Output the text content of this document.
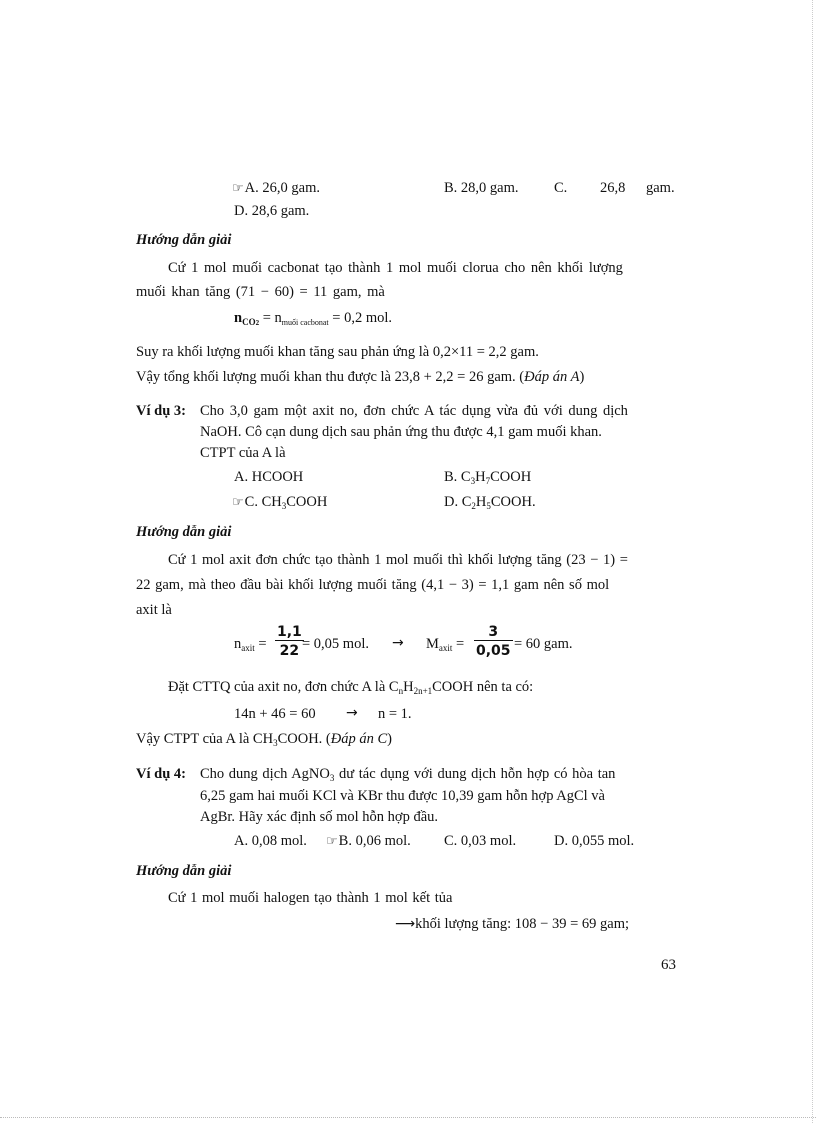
☞A. 26,0 gam.	B. 28,0 gam. C. 26,8 gam.
D. 28,6 gam.
Hướng dẫn giải
Cứ 1 mol muối cacbonat tạo thành 1 mol muối clorua cho nên khối lượng
muối khan tăng (71 − 60) = 11 gam, mà
$n_{CO2} = n_{muối cacbonat} = 0,2$ mol.
Suy ra khối lượng muối khan tăng sau phản ứng là 0,2×11 = 2,2 gam.
Vậy tổng khối lượng muối khan thu được là 23,8 + 2,2 = 26 gam. (Đáp án A)
Ví dụ 3: Cho 3,0 gam một axit no, đơn chức A tác dụng vừa đủ với dung dịch
NaOH. Cô cạn dung dịch sau phản ứng thu được 4,1 gam muối khan.
CTPT của A là
A. HCOOH	B. $C_3H_7COOH$
☞C. $CH_3COOH$	D. $C_2H_5COOH$.
Hướng dẫn giải
Cứ 1 mol axit đơn chức tạo thành 1 mol muối thì khối lượng tăng (23 − 1) =
22 gam, mà theo đầu bài khối lượng muối tăng (4,1 − 3) = 1,1 gam nên số mol
axit là
$n_{axit} = \frac{1,1}{22}$
= 0,05 mol. → $M_{axit} = \frac{3}{0,05} = 60$ gam.
Đặt CTTQ của axit no, đơn chức A là $C_nH_{2n+1}COOH$ nên ta có:
14n + 46 = 60 → n = 1.
Vậy CTPT của A là $CH_3COOH$. (Đáp án C)
Ví dụ 4: Cho dung dịch AgNO$_3$ dư tác dụng với dung dịch hỗn hợp có hòa tan
6,25 gam hai muối KCl và KBr thu được 10,39 gam hỗn hợp AgCl và
AgBr. Hãy xác định số mol hỗn hợp đầu.
A. 0,08 mol. ☞B. 0,06 mol. C. 0,03 mol.	D. 0,055 mol.
Hướng dẫn giải
Cứ 1 mol muối halogen tạo thành 1 mol kết tủa
⟶khối lượng tăng: 108 − 39 = 69 gam;
63
